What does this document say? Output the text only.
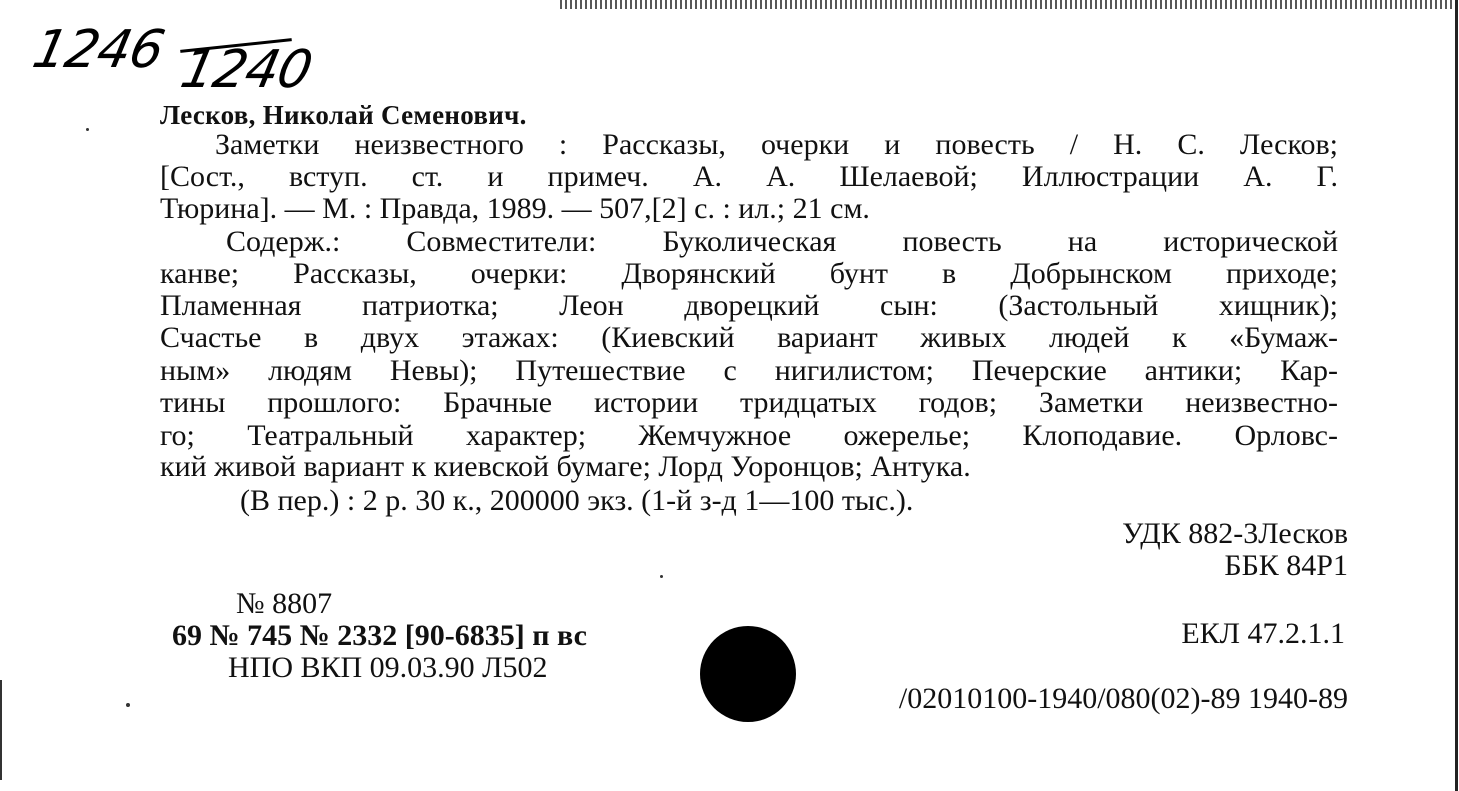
1246 1240
Лесков, Николай Семенович.
Заметки неизвестного : Рассказы, очерки и повесть / Н. С. Лесков;
[Сост., вступ. ст. и примеч. А. А. Шелаевой; Иллюстрации А. Г.
Тюрина]. — М. : Правда, 1989. — 507,[2] с. : ил.; 21 см.
Содерж.: Совместители: Буколическая повесть на исторической
канве; Рассказы, очерки: Дворянский бунт в Добрынском приходе;
Пламенная патриотка; Леон дворецкий сын: (Застольный хищник);
Счастье в двух этажах: (Киевский вариант живых людей к «Бумаж-
ным» людям Невы); Путешествие с нигилистом; Печерские антики; Кар-
тины прошлого: Брачные истории тридцатых годов; Заметки неизвестно-
го; Театральный характер; Жемчужное ожерелье; Клоподавие. Орловс-
кий живой вариант к киевской бумаге; Лорд Уоронцов; Антука.
(В пер.) : 2 р. 30 к., 200000 экз. (1-й з-д 1—100 тыс.).
УДК 882-3Лесков
ББК 84Р1
№ 8807
69 № 745 № 2332 [90-6835] п вс	ЕКЛ 47.2.1.1
НПО ВКП 09.03.90 Л502
/02010100-1940/080(02)-89 1940-89
